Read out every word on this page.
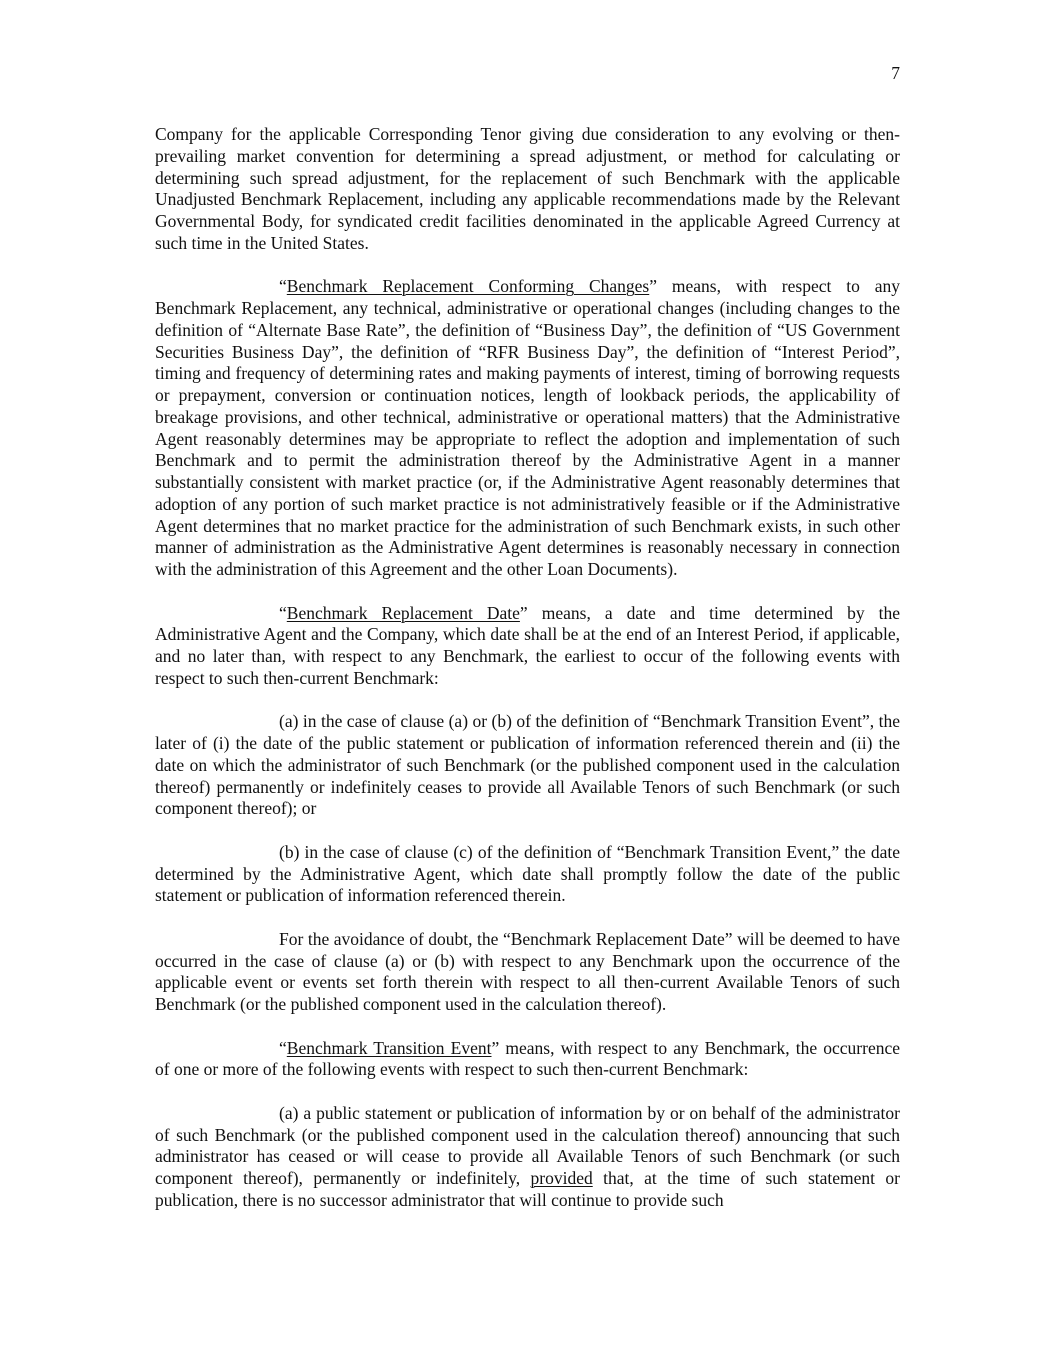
7

Company for the applicable Corresponding Tenor giving due consideration to any evolving or then-prevailing market convention for determining a spread adjustment, or method for calculating or determining such spread adjustment, for the replacement of such Benchmark with the applicable Unadjusted Benchmark Replacement, including any applicable recommendations made by the Relevant Governmental Body, for syndicated credit facilities denominated in the applicable Agreed Currency at such time in the United States.

“Benchmark Replacement Conforming Changes” means, with respect to any Benchmark Replacement, any technical, administrative or operational changes (including changes to the definition of “Alternate Base Rate”, the definition of “Business Day”, the definition of “US Government Securities Business Day”, the definition of “RFR Business Day”, the definition of “Interest Period”, timing and frequency of determining rates and making payments of interest, timing of borrowing requests or prepayment, conversion or continuation notices, length of lookback periods, the applicability of breakage provisions, and other technical, administrative or operational matters) that the Administrative Agent reasonably determines may be appropriate to reflect the adoption and implementation of such Benchmark and to permit the administration thereof by the Administrative Agent in a manner substantially consistent with market practice (or, if the Administrative Agent reasonably determines that adoption of any portion of such market practice is not administratively feasible or if the Administrative Agent determines that no market practice for the administration of such Benchmark exists, in such other manner of administration as the Administrative Agent determines is reasonably necessary in connection with the administration of this Agreement and the other Loan Documents).

“Benchmark Replacement Date” means, a date and time determined by the Administrative Agent and the Company, which date shall be at the end of an Interest Period, if applicable, and no later than, with respect to any Benchmark, the earliest to occur of the following events with respect to such then-current Benchmark:

(a) in the case of clause (a) or (b) of the definition of “Benchmark Transition Event”, the later of (i) the date of the public statement or publication of information referenced therein and (ii) the date on which the administrator of such Benchmark (or the published component used in the calculation thereof) permanently or indefinitely ceases to provide all Available Tenors of such Benchmark (or such component thereof); or

(b) in the case of clause (c) of the definition of “Benchmark Transition Event,” the date determined by the Administrative Agent, which date shall promptly follow the date of the public statement or publication of information referenced therein.

For the avoidance of doubt, the “Benchmark Replacement Date” will be deemed to have occurred in the case of clause (a) or (b) with respect to any Benchmark upon the occurrence of the applicable event or events set forth therein with respect to all then-current Available Tenors of such Benchmark (or the published component used in the calculation thereof).

“Benchmark Transition Event” means, with respect to any Benchmark, the occurrence of one or more of the following events with respect to such then-current Benchmark:

(a) a public statement or publication of information by or on behalf of the administrator of such Benchmark (or the published component used in the calculation thereof) announcing that such administrator has ceased or will cease to provide all Available Tenors of such Benchmark (or such component thereof), permanently or indefinitely, provided that, at the time of such statement or publication, there is no successor administrator that will continue to provide such
